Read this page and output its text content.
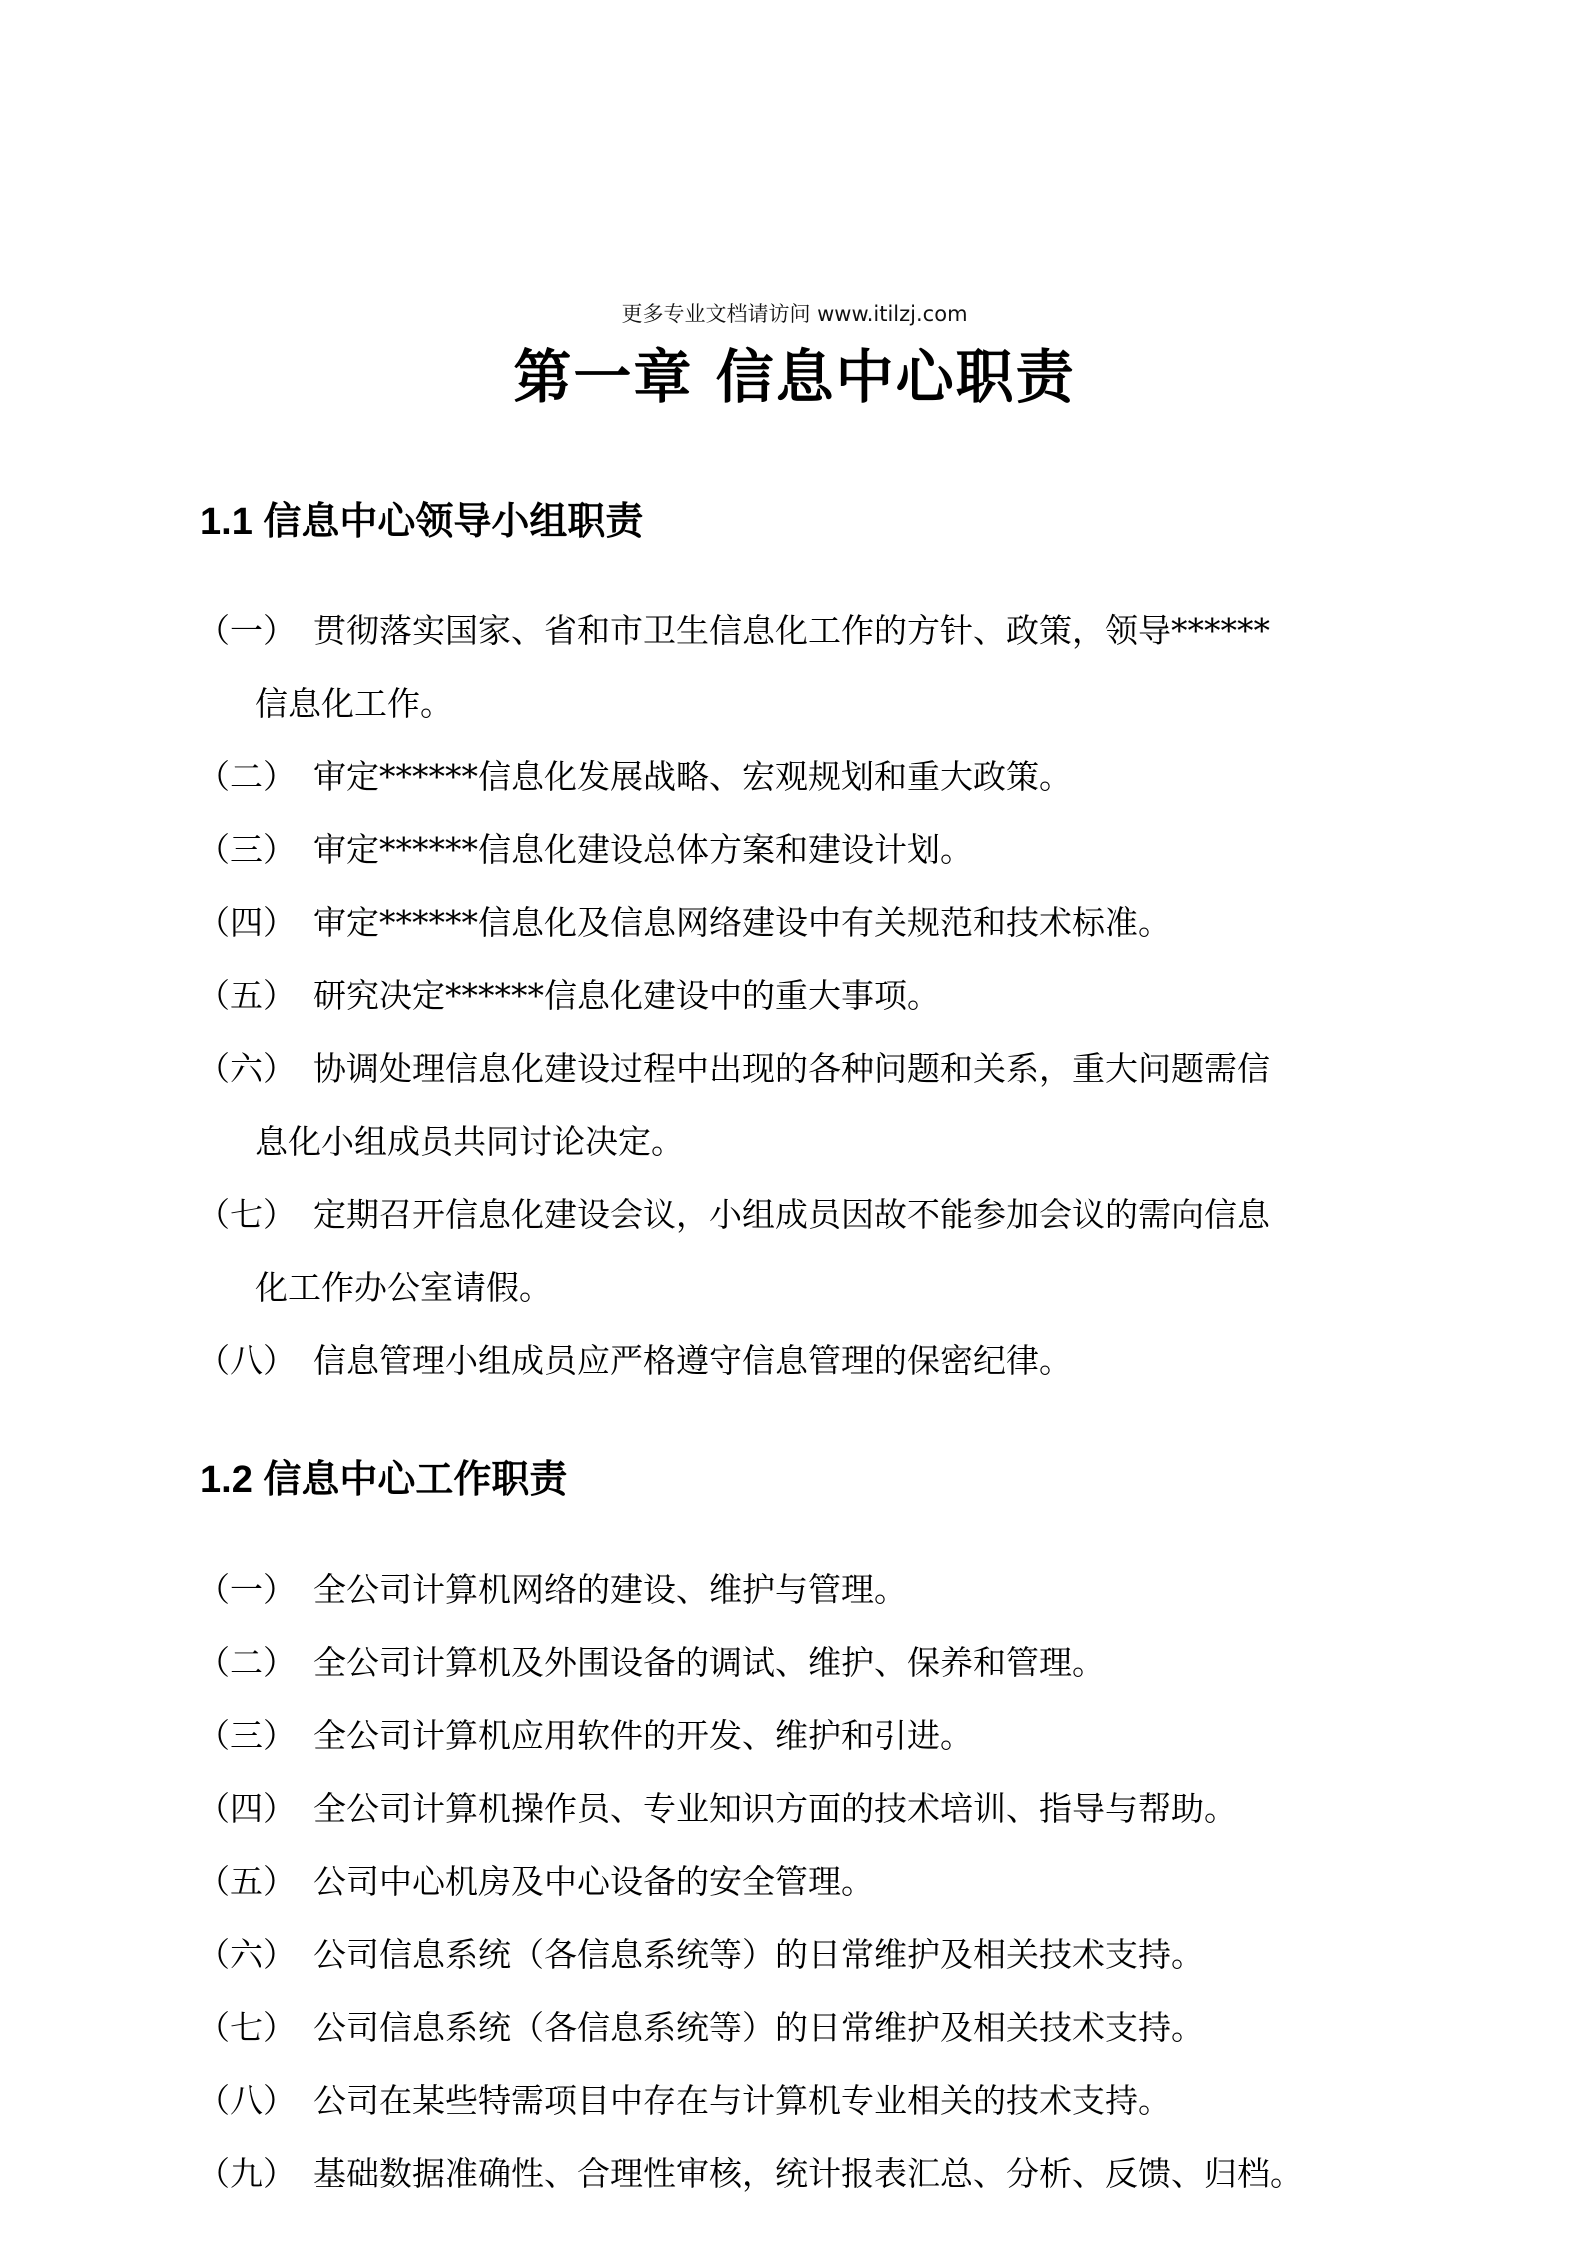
更多专业文档请访问 www.itilzj.com
第一章 信息中心职责
1.1 信息中心领导小组职责
（一） 贯彻落实国家、省和市卫生信息化工作的方针、政策，领导******
信息化工作。
（二） 审定******信息化发展战略、宏观规划和重大政策。
（三） 审定******信息化建设总体方案和建设计划。
（四） 审定******信息化及信息网络建设中有关规范和技术标准。
（五） 研究决定******信息化建设中的重大事项。
（六） 协调处理信息化建设过程中出现的各种问题和关系，重大问题需信
息化小组成员共同讨论决定。
（七） 定期召开信息化建设会议，小组成员因故不能参加会议的需向信息
化工作办公室请假。
（八） 信息管理小组成员应严格遵守信息管理的保密纪律。
1.2 信息中心工作职责
（一） 全公司计算机网络的建设、维护与管理。
（二） 全公司计算机及外围设备的调试、维护、保养和管理。
（三） 全公司计算机应用软件的开发、维护和引进。
（四） 全公司计算机操作员、专业知识方面的技术培训、指导与帮助。
（五） 公司中心机房及中心设备的安全管理。
（六） 公司信息系统（各信息系统等）的日常维护及相关技术支持。
（七） 公司信息系统（各信息系统等）的日常维护及相关技术支持。
（八） 公司在某些特需项目中存在与计算机专业相关的技术支持。
（九） 基础数据准确性、合理性审核，统计报表汇总、分析、反馈、归档。
